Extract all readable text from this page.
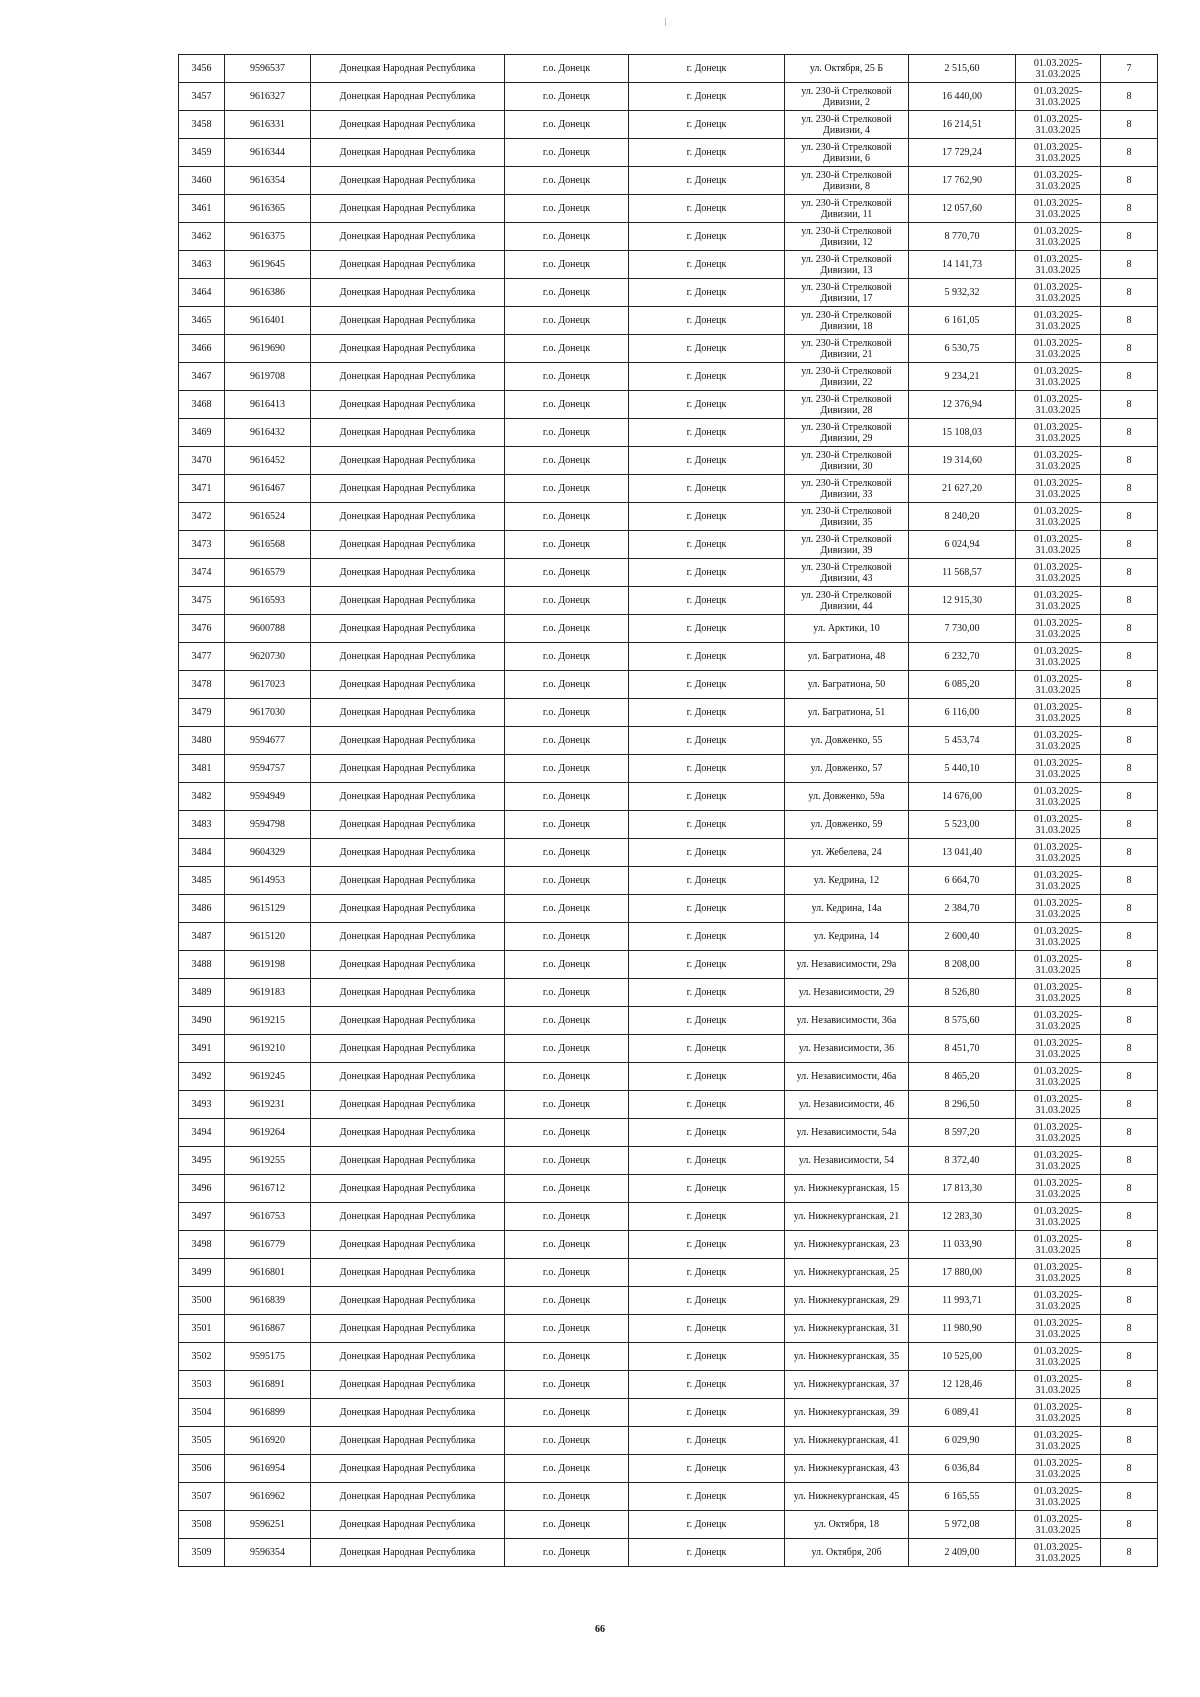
3456	9596537	Донецкая Народная Республика	г.о. Донецк	г. Донецк	ул. Октября, 25 Б	2 515,60	01.03.2025-31.03.2025	7
3457	9616327	Донецкая Народная Республика	г.о. Донецк	г. Донецк	ул. 230-й Стрелковой Дивизии, 2	16 440,00	01.03.2025-31.03.2025	8
3458	9616331	Донецкая Народная Республика	г.о. Донецк	г. Донецк	ул. 230-й Стрелковой Дивизии, 4	16 214,51	01.03.2025-31.03.2025	8
3459	9616344	Донецкая Народная Республика	г.о. Донецк	г. Донецк	ул. 230-й Стрелковой Дивизии, 6	17 729,24	01.03.2025-31.03.2025	8
3460	9616354	Донецкая Народная Республика	г.о. Донецк	г. Донецк	ул. 230-й Стрелковой Дивизии, 8	17 762,90	01.03.2025-31.03.2025	8
3461	9616365	Донецкая Народная Республика	г.о. Донецк	г. Донецк	ул. 230-й Стрелковой Дивизии, 11	12 057,60	01.03.2025-31.03.2025	8
3462	9616375	Донецкая Народная Республика	г.о. Донецк	г. Донецк	ул. 230-й Стрелковой Дивизии, 12	8 770,70	01.03.2025-31.03.2025	8
3463	9619645	Донецкая Народная Республика	г.о. Донецк	г. Донецк	ул. 230-й Стрелковой Дивизии, 13	14 141,73	01.03.2025-31.03.2025	8
3464	9616386	Донецкая Народная Республика	г.о. Донецк	г. Донецк	ул. 230-й Стрелковой Дивизии, 17	5 932,32	01.03.2025-31.03.2025	8
3465	9616401	Донецкая Народная Республика	г.о. Донецк	г. Донецк	ул. 230-й Стрелковой Дивизии, 18	6 161,05	01.03.2025-31.03.2025	8
3466	9619690	Донецкая Народная Республика	г.о. Донецк	г. Донецк	ул. 230-й Стрелковой Дивизии, 21	6 530,75	01.03.2025-31.03.2025	8
3467	9619708	Донецкая Народная Республика	г.о. Донецк	г. Донецк	ул. 230-й Стрелковой Дивизии, 22	9 234,21	01.03.2025-31.03.2025	8
3468	9616413	Донецкая Народная Республика	г.о. Донецк	г. Донецк	ул. 230-й Стрелковой Дивизии, 28	12 376,94	01.03.2025-31.03.2025	8
3469	9616432	Донецкая Народная Республика	г.о. Донецк	г. Донецк	ул. 230-й Стрелковой Дивизии, 29	15 108,03	01.03.2025-31.03.2025	8
3470	9616452	Донецкая Народная Республика	г.о. Донецк	г. Донецк	ул. 230-й Стрелковой Дивизии, 30	19 314,60	01.03.2025-31.03.2025	8
3471	9616467	Донецкая Народная Республика	г.о. Донецк	г. Донецк	ул. 230-й Стрелковой Дивизии, 33	21 627,20	01.03.2025-31.03.2025	8
3472	9616524	Донецкая Народная Республика	г.о. Донецк	г. Донецк	ул. 230-й Стрелковой Дивизии, 35	8 240,20	01.03.2025-31.03.2025	8
3473	9616568	Донецкая Народная Республика	г.о. Донецк	г. Донецк	ул. 230-й Стрелковой Дивизии, 39	6 024,94	01.03.2025-31.03.2025	8
3474	9616579	Донецкая Народная Республика	г.о. Донецк	г. Донецк	ул. 230-й Стрелковой Дивизии, 43	11 568,57	01.03.2025-31.03.2025	8
3475	9616593	Донецкая Народная Республика	г.о. Донецк	г. Донецк	ул. 230-й Стрелковой Дивизии, 44	12 915,30	01.03.2025-31.03.2025	8
3476	9600788	Донецкая Народная Республика	г.о. Донецк	г. Донецк	ул. Арктики, 10	7 730,00	01.03.2025-31.03.2025	8
3477	9620730	Донецкая Народная Республика	г.о. Донецк	г. Донецк	ул. Багратиона, 48	6 232,70	01.03.2025-31.03.2025	8
3478	9617023	Донецкая Народная Республика	г.о. Донецк	г. Донецк	ул. Багратиона, 50	6 085,20	01.03.2025-31.03.2025	8
3479	9617030	Донецкая Народная Республика	г.о. Донецк	г. Донецк	ул. Багратиона, 51	6 116,00	01.03.2025-31.03.2025	8
3480	9594677	Донецкая Народная Республика	г.о. Донецк	г. Донецк	ул. Довженко, 55	5 453,74	01.03.2025-31.03.2025	8
3481	9594757	Донецкая Народная Республика	г.о. Донецк	г. Донецк	ул. Довженко, 57	5 440,10	01.03.2025-31.03.2025	8
3482	9594949	Донецкая Народная Республика	г.о. Донецк	г. Донецк	ул. Довженко, 59а	14 676,00	01.03.2025-31.03.2025	8
3483	9594798	Донецкая Народная Республика	г.о. Донецк	г. Донецк	ул. Довженко, 59	5 523,00	01.03.2025-31.03.2025	8
3484	9604329	Донецкая Народная Республика	г.о. Донецк	г. Донецк	ул. Жебелева, 24	13 041,40	01.03.2025-31.03.2025	8
3485	9614953	Донецкая Народная Республика	г.о. Донецк	г. Донецк	ул. Кедрина, 12	6 664,70	01.03.2025-31.03.2025	8
3486	9615129	Донецкая Народная Республика	г.о. Донецк	г. Донецк	ул. Кедрина, 14а	2 384,70	01.03.2025-31.03.2025	8
3487	9615120	Донецкая Народная Республика	г.о. Донецк	г. Донецк	ул. Кедрина, 14	2 600,40	01.03.2025-31.03.2025	8
3488	9619198	Донецкая Народная Республика	г.о. Донецк	г. Донецк	ул. Независимости, 29а	8 208,00	01.03.2025-31.03.2025	8
3489	9619183	Донецкая Народная Республика	г.о. Донецк	г. Донецк	ул. Независимости, 29	8 526,80	01.03.2025-31.03.2025	8
3490	9619215	Донецкая Народная Республика	г.о. Донецк	г. Донецк	ул. Независимости, 36а	8 575,60	01.03.2025-31.03.2025	8
3491	9619210	Донецкая Народная Республика	г.о. Донецк	г. Донецк	ул. Независимости, 36	8 451,70	01.03.2025-31.03.2025	8
3492	9619245	Донецкая Народная Республика	г.о. Донецк	г. Донецк	ул. Независимости, 46а	8 465,20	01.03.2025-31.03.2025	8
3493	9619231	Донецкая Народная Республика	г.о. Донецк	г. Донецк	ул. Независимости, 46	8 296,50	01.03.2025-31.03.2025	8
3494	9619264	Донецкая Народная Республика	г.о. Донецк	г. Донецк	ул. Независимости, 54а	8 597,20	01.03.2025-31.03.2025	8
3495	9619255	Донецкая Народная Республика	г.о. Донецк	г. Донецк	ул. Независимости, 54	8 372,40	01.03.2025-31.03.2025	8
3496	9616712	Донецкая Народная Республика	г.о. Донецк	г. Донецк	ул. Нижнекурганская, 15	17 813,30	01.03.2025-31.03.2025	8
3497	9616753	Донецкая Народная Республика	г.о. Донецк	г. Донецк	ул. Нижнекурганская, 21	12 283,30	01.03.2025-31.03.2025	8
3498	9616779	Донецкая Народная Республика	г.о. Донецк	г. Донецк	ул. Нижнекурганская, 23	11 033,90	01.03.2025-31.03.2025	8
3499	9616801	Донецкая Народная Республика	г.о. Донецк	г. Донецк	ул. Нижнекурганская, 25	17 880,00	01.03.2025-31.03.2025	8
3500	9616839	Донецкая Народная Республика	г.о. Донецк	г. Донецк	ул. Нижнекурганская, 29	11 993,71	01.03.2025-31.03.2025	8
3501	9616867	Донецкая Народная Республика	г.о. Донецк	г. Донецк	ул. Нижнекурганская, 31	11 980,90	01.03.2025-31.03.2025	8
3502	9595175	Донецкая Народная Республика	г.о. Донецк	г. Донецк	ул. Нижнекурганская, 35	10 525,00	01.03.2025-31.03.2025	8
3503	9616891	Донецкая Народная Республика	г.о. Донецк	г. Донецк	ул. Нижнекурганская, 37	12 128,46	01.03.2025-31.03.2025	8
3504	9616899	Донецкая Народная Республика	г.о. Донецк	г. Донецк	ул. Нижнекурганская, 39	6 089,41	01.03.2025-31.03.2025	8
3505	9616920	Донецкая Народная Республика	г.о. Донецк	г. Донецк	ул. Нижнекурганская, 41	6 029,90	01.03.2025-31.03.2025	8
3506	9616954	Донецкая Народная Республика	г.о. Донецк	г. Донецк	ул. Нижнекурганская, 43	6 036,84	01.03.2025-31.03.2025	8
3507	9616962	Донецкая Народная Республика	г.о. Донецк	г. Донецк	ул. Нижнекурганская, 45	6 165,55	01.03.2025-31.03.2025	8
3508	9596251	Донецкая Народная Республика	г.о. Донецк	г. Донецк	ул. Октября, 18	5 972,08	01.03.2025-31.03.2025	8
3509	9596354	Донецкая Народная Республика	г.о. Донецк	г. Донецк	ул. Октября, 20б	2 409,00	01.03.2025-31.03.2025	8
66
